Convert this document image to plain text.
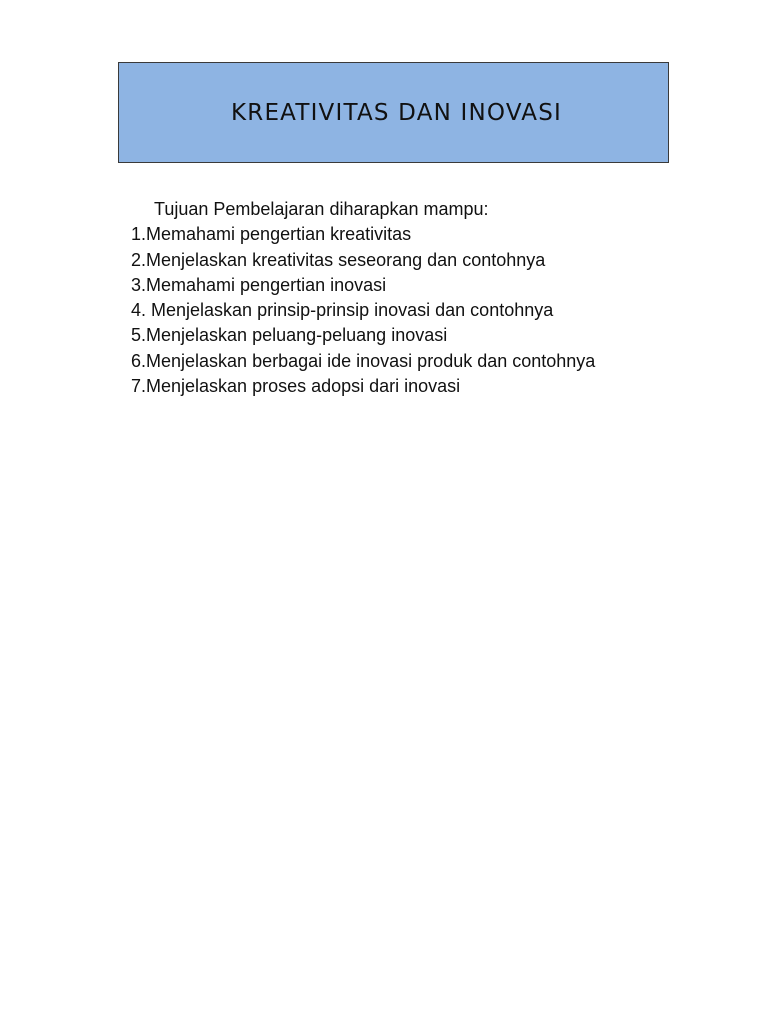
KREATIVITAS DAN INOVASI
Tujuan Pembelajaran diharapkan mampu:
1.Memahami pengertian kreativitas
2.Menjelaskan kreativitas seseorang dan contohnya
3.Memahami pengertian inovasi
4. Menjelaskan prinsip-prinsip inovasi dan contohnya
5.Menjelaskan peluang-peluang inovasi
6.Menjelaskan berbagai ide inovasi produk dan contohnya
7.Menjelaskan proses adopsi dari inovasi
